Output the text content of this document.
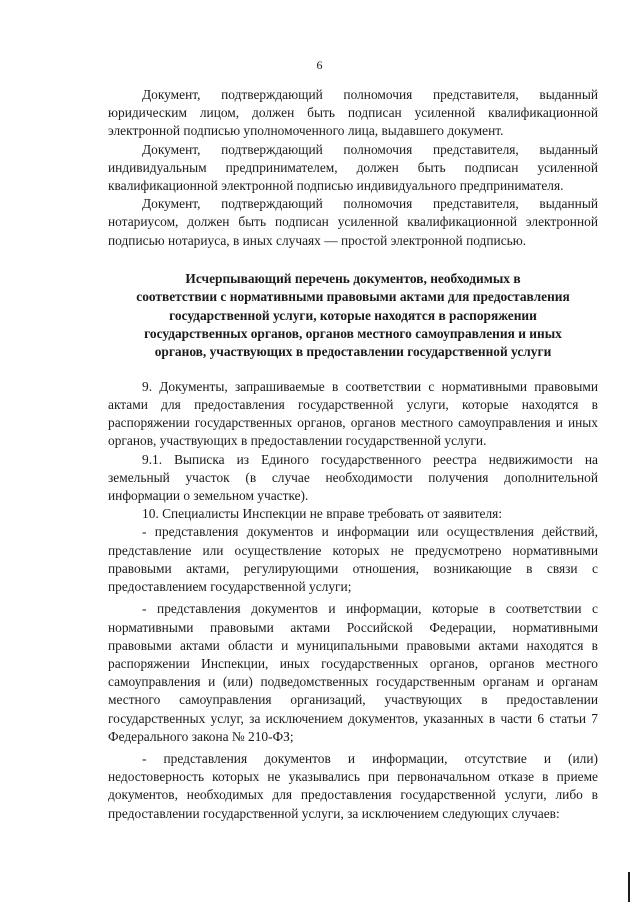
6

Документ, подтверждающий полномочия представителя, выданный юридическим лицом, должен быть подписан усиленной квалификационной электронной подписью уполномоченного лица, выдавшего документ.

Документ, подтверждающий полномочия представителя, выданный индивидуальным предпринимателем, должен быть подписан усиленной квалификационной электронной подписью индивидуального предпринимателя.

Документ, подтверждающий полномочия представителя, выданный нотариусом, должен быть подписан усиленной квалификационной электронной подписью нотариуса, в иных случаях — простой электронной подписью.

Исчерпывающий перечень документов, необходимых в
соответствии с нормативными правовыми актами для предоставления
государственной услуги, которые находятся в распоряжении
государственных органов, органов местного самоуправления и иных
органов, участвующих в предоставлении государственной услуги

9. Документы, запрашиваемые в соответствии с нормативными правовыми актами для предоставления государственной услуги, которые находятся в распоряжении государственных органов, органов местного самоуправления и иных органов, участвующих в предоставлении государственной услуги.

9.1. Выписка из Единого государственного реестра недвижимости на земельный участок (в случае необходимости получения дополнительной информации о земельном участке).

10. Специалисты Инспекции не вправе требовать от заявителя:

- представления документов и информации или осуществления действий, представление или осуществление которых не предусмотрено нормативными правовыми актами, регулирующими отношения, возникающие в связи с предоставлением государственной услуги;

- представления документов и информации, которые в соответствии с нормативными правовыми актами Российской Федерации, нормативными правовыми актами области и муниципальными правовыми актами находятся в распоряжении Инспекции, иных государственных органов, органов местного самоуправления и (или) подведомственных государственным органам и органам местного самоуправления организаций, участвующих в предоставлении государственных услуг, за исключением документов, указанных в части 6 статьи 7 Федерального закона № 210-ФЗ;

- представления документов и информации, отсутствие и (или) недостоверность которых не указывались при первоначальном отказе в приеме документов, необходимых для предоставления государственной услуги, либо в предоставлении государственной услуги, за исключением следующих случаев:
